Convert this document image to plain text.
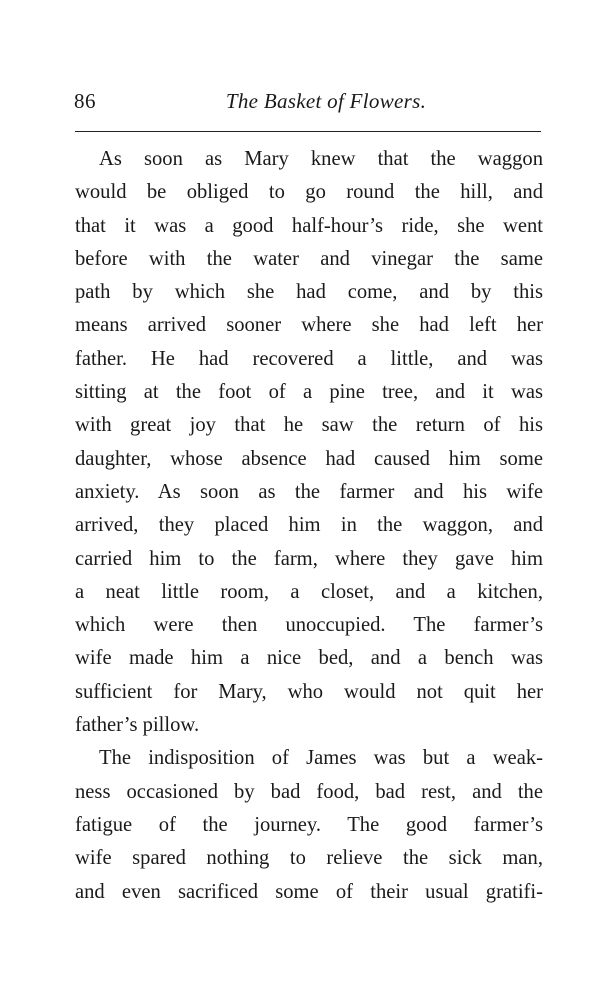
86	The Basket of Flowers.
As soon as Mary knew that the waggon
would be obliged to go round the hill, and
that it was a good half-hour’s ride, she went
before with the water and vinegar the same
path by which she had come, and by this
means arrived sooner where she had left her
father. He had recovered a little, and was
sitting at the foot of a pine tree, and it was
with great joy that he saw the return of his
daughter, whose absence had caused him some
anxiety. As soon as the farmer and his wife
arrived, they placed him in the waggon, and
carried him to the farm, where they gave him
a neat little room, a closet, and a kitchen,
which were then unoccupied. The farmer’s
wife made him a nice bed, and a bench was
sufficient for Mary, who would not quit her
father’s pillow.
The indisposition of James was but a weak-
ness occasioned by bad food, bad rest, and the
fatigue of the journey. The good farmer’s
wife spared nothing to relieve the sick man,
and even sacrificed some of their usual gratifi-
